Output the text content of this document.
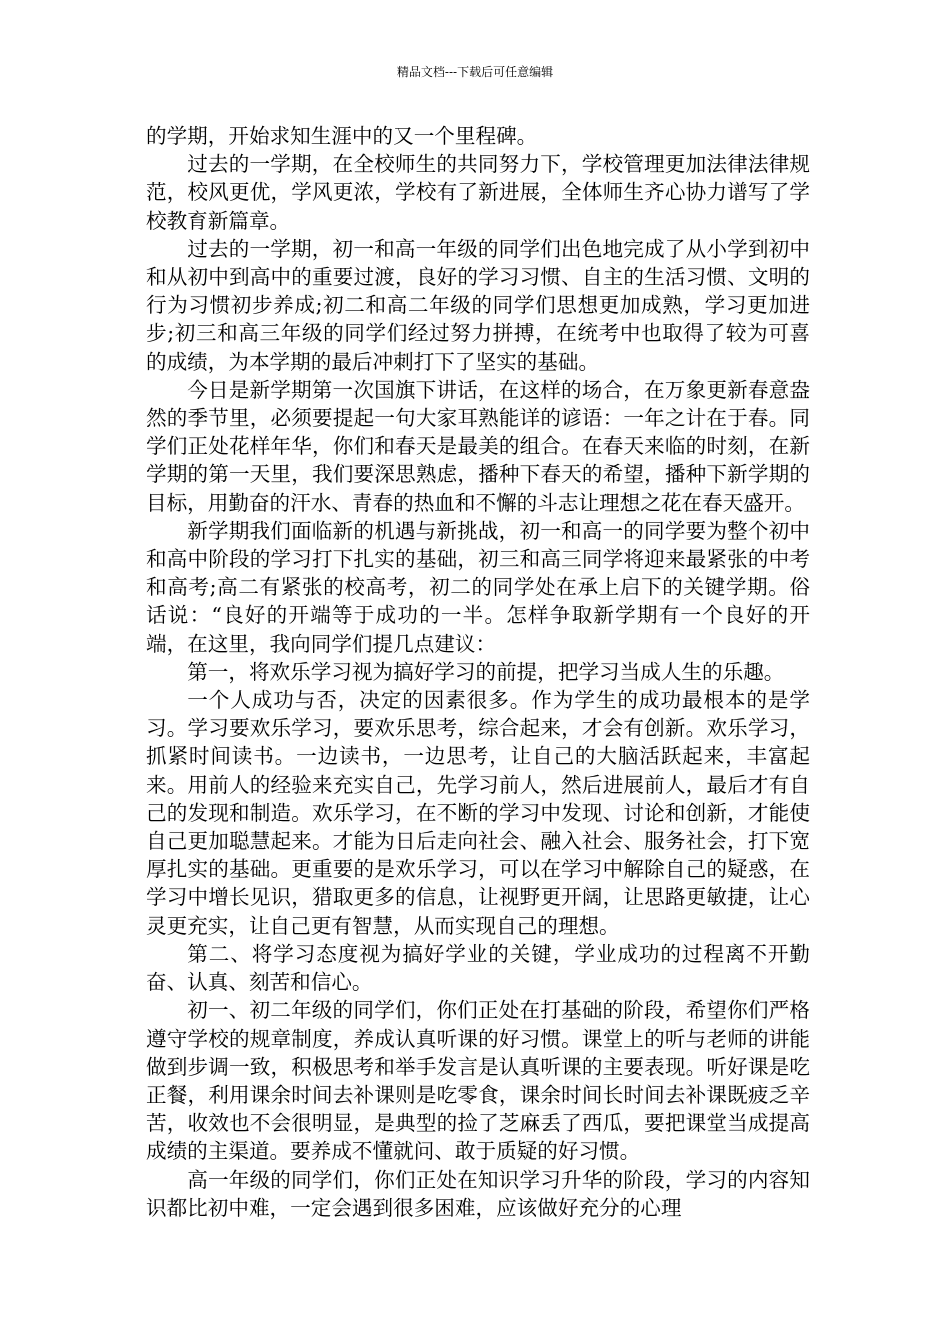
精品文档---下载后可任意编辑

的学期，开始求知生涯中的又一个里程碑。

过去的一学期，在全校师生的共同努力下，学校管理更加法律法律规范，校风更优，学风更浓，学校有了新进展，全体师生齐心协力谱写了学校教育新篇章。

过去的一学期，初一和高一年级的同学们出色地完成了从小学到初中和从初中到高中的重要过渡，良好的学习习惯、自主的生活习惯、文明的行为习惯初步养成;初二和高二年级的同学们思想更加成熟，学习更加进步;初三和高三年级的同学们经过努力拼搏，在统考中也取得了较为可喜的成绩，为本学期的最后冲刺打下了坚实的基础。

今日是新学期第一次国旗下讲话，在这样的场合，在万象更新春意盎然的季节里，必须要提起一句大家耳熟能详的谚语：一年之计在于春。同学们正处花样年华，你们和春天是最美的组合。在春天来临的时刻，在新学期的第一天里，我们要深思熟虑，播种下春天的希望，播种下新学期的目标，用勤奋的汗水、青春的热血和不懈的斗志让理想之花在春天盛开。

新学期我们面临新的机遇与新挑战，初一和高一的同学要为整个初中和高中阶段的学习打下扎实的基础，初三和高三同学将迎来最紧张的中考和高考;高二有紧张的校高考，初二的同学处在承上启下的关键学期。俗话说：“良好的开端等于成功的一半。怎样争取新学期有一个良好的开端，在这里，我向同学们提几点建议：

第一，将欢乐学习视为搞好学习的前提，把学习当成人生的乐趣。

一个人成功与否，决定的因素很多。作为学生的成功最根本的是学习。学习要欢乐学习，要欢乐思考，综合起来，才会有创新。欢乐学习，抓紧时间读书。一边读书，一边思考，让自己的大脑活跃起来，丰富起来。用前人的经验来充实自己，先学习前人，然后进展前人，最后才有自己的发现和制造。欢乐学习，在不断的学习中发现、讨论和创新，才能使自己更加聪慧起来。才能为日后走向社会、融入社会、服务社会，打下宽厚扎实的基础。更重要的是欢乐学习，可以在学习中解除自己的疑惑，在学习中增长见识，猎取更多的信息，让视野更开阔，让思路更敏捷，让心灵更充实，让自己更有智慧，从而实现自己的理想。

第二、将学习态度视为搞好学业的关键，学业成功的过程离不开勤奋、认真、刻苦和信心。

初一、初二年级的同学们，你们正处在打基础的阶段，希望你们严格遵守学校的规章制度，养成认真听课的好习惯。课堂上的听与老师的讲能做到步调一致，积极思考和举手发言是认真听课的主要表现。听好课是吃正餐，利用课余时间去补课则是吃零食，课余时间长时间去补课既疲乏辛苦，收效也不会很明显，是典型的捡了芝麻丢了西瓜，要把课堂当成提高成绩的主渠道。要养成不懂就问、敢于质疑的好习惯。

高一年级的同学们，你们正处在知识学习升华的阶段，学习的内容知识都比初中难，一定会遇到很多困难，应该做好充分的心理
